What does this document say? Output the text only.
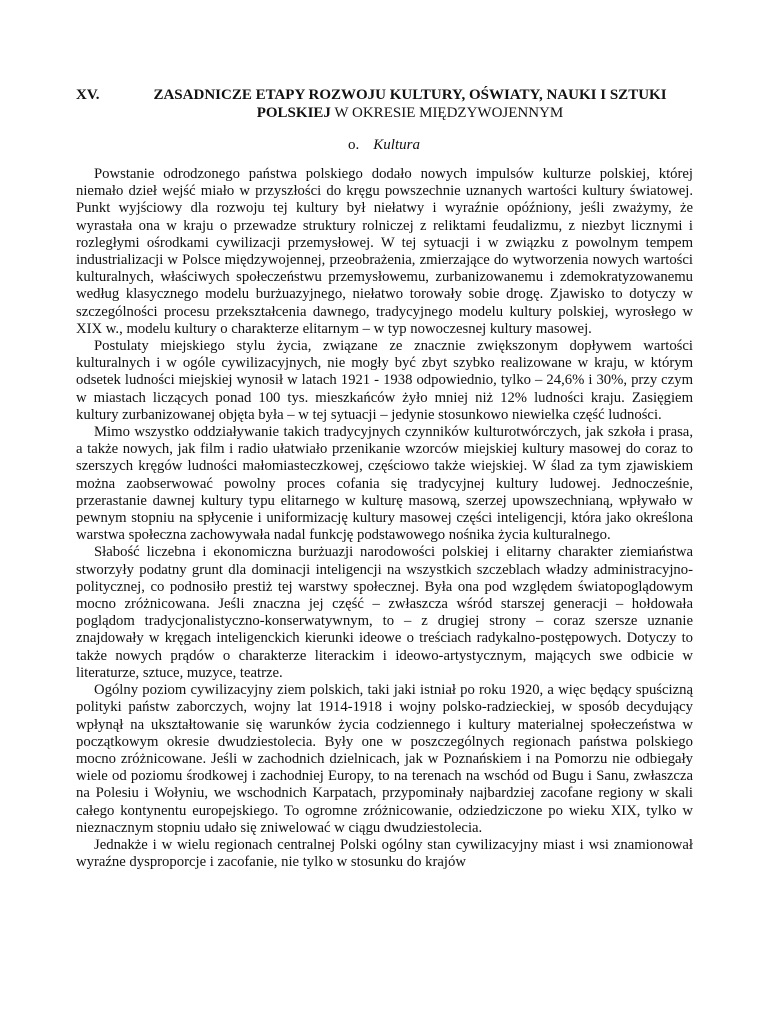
XV.	ZASADNICZE ETAPY ROZWOJU KULTURY, OŚWIATY, NAUKI I SZTUKI POLSKIEJ W OKRESIE MIĘDZYWOJENNYM
o. Kultura

Powstanie odrodzonego państwa polskiego dodało nowych impulsów kulturze polskiej, której niemało dzieł wejść miało w przyszłości do kręgu powszechnie uznanych wartości kultury światowej. Punkt wyjściowy dla rozwoju tej kultury był niełatwy i wyraźnie opóźniony, jeśli zważymy, że wyrastała ona w kraju o przewadze struktury rolniczej z reliktami feudalizmu, z niezbyt licznymi i rozległymi ośrodkami cywilizacji przemysłowej. W tej sytuacji i w związku z powolnym tempem industrializacji w Polsce międzywojennej, przeobrażenia, zmierzające do wytworzenia nowych wartości kulturalnych, właściwych społeczeństwu przemysłowemu, zurbanizowanemu i zdemokratyzowanemu według klasycznego modelu burżuazyjnego, niełatwo torowały sobie drogę. Zjawisko to dotyczy w szczególności procesu przekształcenia dawnego, tradycyjnego modelu kultury polskiej, wyrosłego w XIX w., modelu kultury o charakterze elitarnym – w typ nowoczesnej kultury masowej.

Postulaty miejskiego stylu życia, związane ze znacznie zwiększonym dopływem wartości kulturalnych i w ogóle cywilizacyjnych, nie mogły być zbyt szybko realizowane w kraju, w którym odsetek ludności miejskiej wynosił w latach 1921 - 1938 odpowiednio, tylko – 24,6% i 30%, przy czym w miastach liczących ponad 100 tys. mieszkańców żyło mniej niż 12% ludności kraju. Zasięgiem kultury zurbanizowanej objęta była – w tej sytuacji – jedynie stosunkowo niewielka część ludności.

Mimo wszystko oddziaływanie takich tradycyjnych czynników kulturotwórczych, jak szkoła i prasa, a także nowych, jak film i radio ułatwiało przenikanie wzorców miejskiej kultury masowej do coraz to szerszych kręgów ludności małomiasteczkowej, częściowo także wiejskiej. W ślad za tym zjawiskiem można zaobserwować powolny proces cofania się tradycyjnej kultury ludowej. Jednocześnie, przerastanie dawnej kultury typu elitarnego w kulturę masową, szerzej upowszechnianą, wpływało w pewnym stopniu na spłycenie i uniformizację kultury masowej części inteligencji, która jako określona warstwa społeczna zachowywała nadal funkcję podstawowego nośnika życia kulturalnego.

Słabość liczebna i ekonomiczna burżuazji narodowości polskiej i elitarny charakter ziemiaństwa stworzyły podatny grunt dla dominacji inteligencji na wszystkich szczeblach władzy administracyjno-politycznej, co podnosiło prestiż tej warstwy społecznej. Była ona pod względem światopoglądowym mocno zróżnicowana. Jeśli znaczna jej część – zwłaszcza wśród starszej generacji – hołdowała poglądom tradycjonalistyczno-konserwatywnym, to – z drugiej strony – coraz szersze uznanie znajdowały w kręgach inteligenckich kierunki ideowe o treściach radykalno-postępowych. Dotyczy to także nowych prądów o charakterze literackim i ideowo-artystycznym, mających swe odbicie w literaturze, sztuce, muzyce, teatrze.

Ogólny poziom cywilizacyjny ziem polskich, taki jaki istniał po roku 1920, a więc będący spuścizną polityki państw zaborczych, wojny lat 1914-1918 i wojny polsko-radzieckiej, w sposób decydujący wpłynął na ukształtowanie się warunków życia codziennego i kultury materialnej społeczeństwa w początkowym okresie dwudziestolecia. Były one w poszczególnych regionach państwa polskiego mocno zróżnicowane. Jeśli w zachodnich dzielnicach, jak w Poznańskiem i na Pomorzu nie odbiegały wiele od poziomu środkowej i zachodniej Europy, to na terenach na wschód od Bugu i Sanu, zwłaszcza na Polesiu i Wołyniu, we wschodnich Karpatach, przypominały najbardziej zacofane regiony w skali całego kontynentu europejskiego. To ogromne zróżnicowanie, odziedziczone po wieku XIX, tylko w nieznacznym stopniu udało się zniwelować w ciągu dwudziestolecia.

Jednakże i w wielu regionach centralnej Polski ogólny stan cywilizacyjny miast i wsi znamionował wyraźne dysproporcje i zacofanie, nie tylko w stosunku do krajów
